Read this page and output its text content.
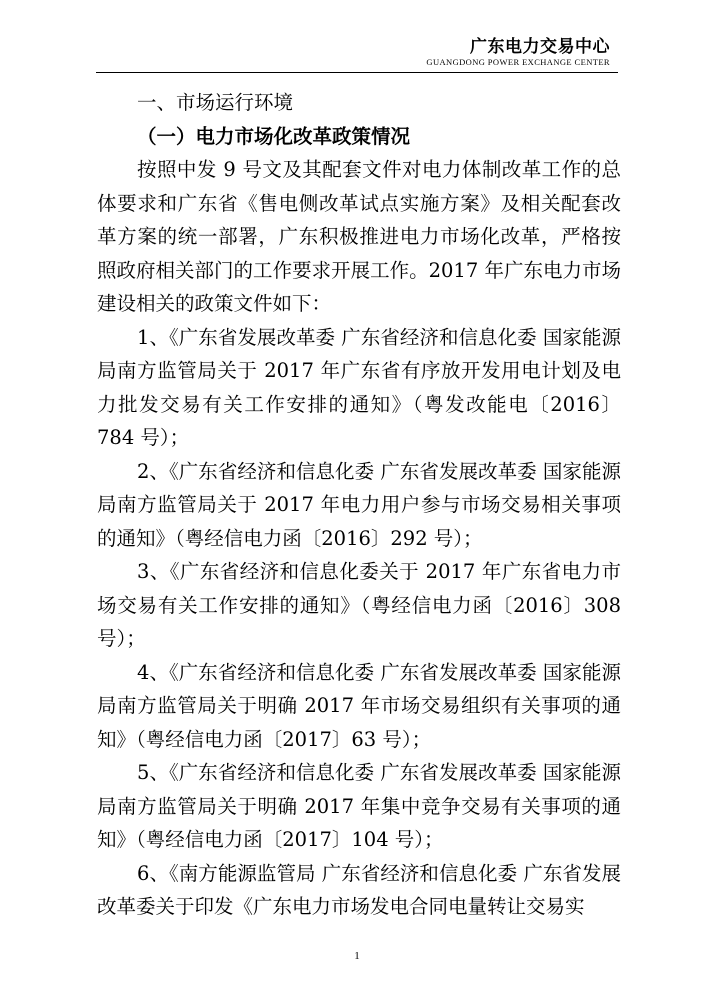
广东电力交易中心
GUANGDONG POWER EXCHANGE CENTER

一、市场运行环境

（一）电力市场化改革政策情况

按照中发 9 号文及其配套文件对电力体制改革工作的总体要求和广东省《售电侧改革试点实施方案》及相关配套改革方案的统一部署，广东积极推进电力市场化改革，严格按照政府相关部门的工作要求开展工作。2017 年广东电力市场建设相关的政策文件如下：

1、《广东省发展改革委 广东省经济和信息化委 国家能源局南方监管局关于 2017 年广东省有序放开发用电计划及电力批发交易有关工作安排的通知》（粤发改能电〔2016〕784 号）；

2、《广东省经济和信息化委 广东省发展改革委 国家能源局南方监管局关于 2017 年电力用户参与市场交易相关事项的通知》（粤经信电力函〔2016〕292 号）；

3、《广东省经济和信息化委关于 2017 年广东省电力市场交易有关工作安排的通知》（粤经信电力函〔2016〕308 号）；

4、《广东省经济和信息化委 广东省发展改革委 国家能源局南方监管局关于明确 2017 年市场交易组织有关事项的通知》（粤经信电力函〔2017〕63 号）；

5、《广东省经济和信息化委 广东省发展改革委 国家能源局南方监管局关于明确 2017 年集中竞争交易有关事项的通知》（粤经信电力函〔2017〕104 号）；

6、《南方能源监管局 广东省经济和信息化委 广东省发展改革委关于印发《广东电力市场发电合同电量转让交易实

1
